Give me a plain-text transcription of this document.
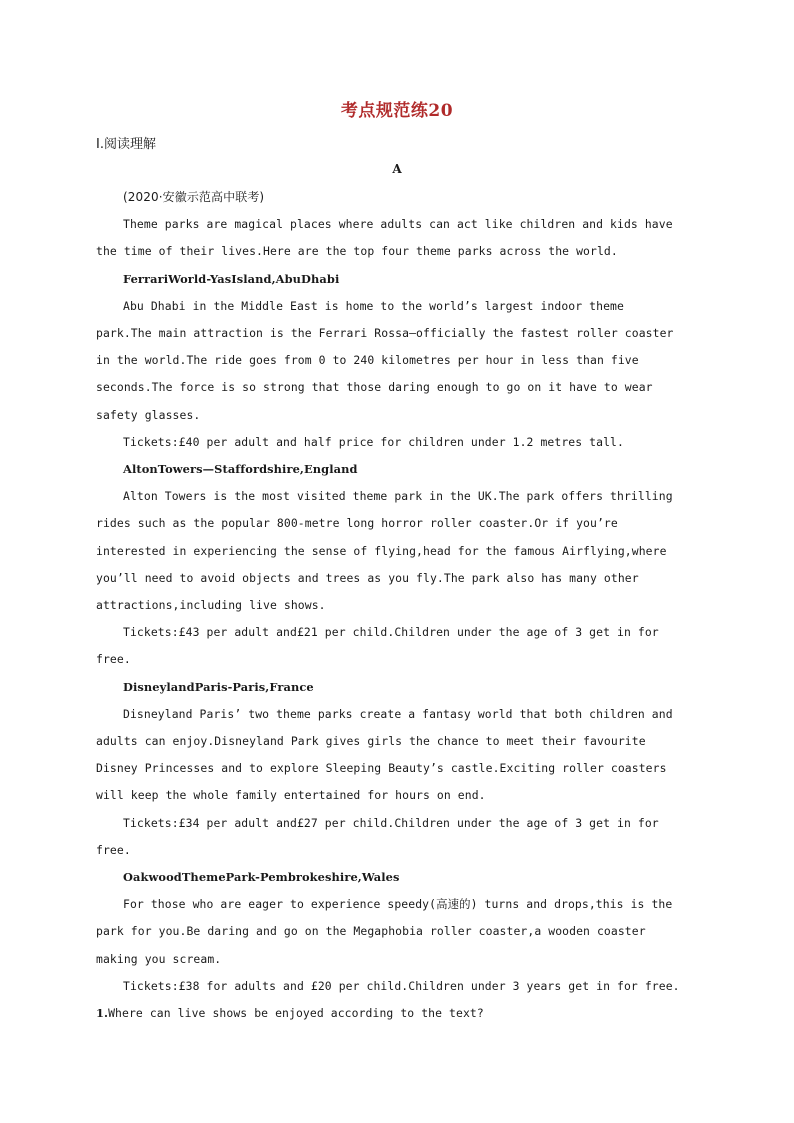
考点规范练20
Ⅰ.阅读理解
A

(2020·安徽示范高中联考)

Theme parks are magical places where adults can act like children and kids have
the time of their lives.Here are the top four theme parks across the world.

FerrariWorld-YasIsland,AbuDhabi

Abu Dhabi in the Middle East is home to the world’s largest indoor theme
park.The main attraction is the Ferrari Rossa—officially the fastest roller coaster
in the world.The ride goes from 0 to 240 kilometres per hour in less than five
seconds.The force is so strong that those daring enough to go on it have to wear
safety glasses.

Tickets:£40 per adult and half price for children under 1.2 metres tall.

AltonTowers—Staffordshire,England

Alton Towers is the most visited theme park in the UK.The park offers thrilling
rides such as the popular 800-metre long horror roller coaster.Or if you’re
interested in experiencing the sense of flying,head for the famous Airflying,where
you’ll need to avoid objects and trees as you fly.The park also has many other
attractions,including live shows.

Tickets:£43 per adult and£21 per child.Children under the age of 3 get in for
free.

DisneylandParis-Paris,France

Disneyland Paris’ two theme parks create a fantasy world that both children and
adults can enjoy.Disneyland Park gives girls the chance to meet their favourite
Disney Princesses and to explore Sleeping Beauty’s castle.Exciting roller coasters
will keep the whole family entertained for hours on end.

Tickets:£34 per adult and£27 per child.Children under the age of 3 get in for
free.

OakwoodThemePark-Pembrokeshire,Wales

For those who are eager to experience speedy(高速的) turns and drops,this is the
park for you.Be daring and go on the Megaphobia roller coaster,a wooden coaster
making you scream.

Tickets:£38 for adults and £20 per child.Children under 3 years get in for free.

1.Where can live shows be enjoyed according to the text?
